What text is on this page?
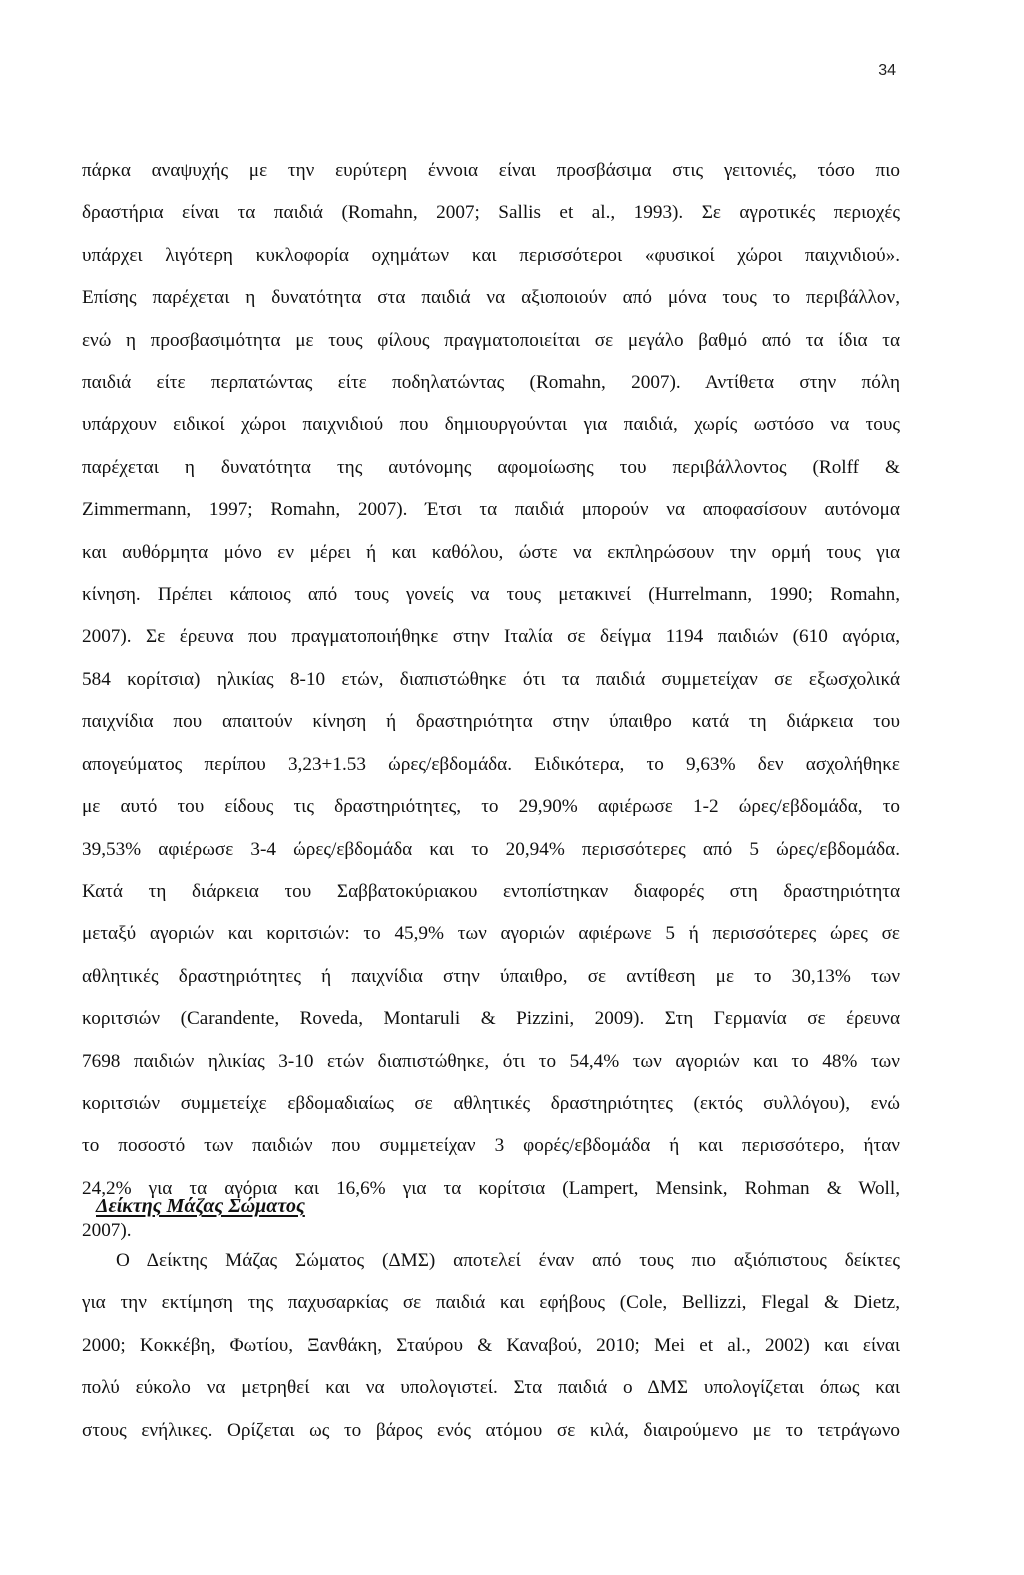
34
πάρκα αναψυχής με την ευρύτερη έννοια είναι προσβάσιμα στις γειτονιές, τόσο πιο
δραστήρια είναι τα παιδιά (Romahn, 2007; Sallis et al., 1993). Σε αγροτικές περιοχές
υπάρχει λιγότερη κυκλοφορία οχημάτων και περισσότεροι «φυσικοί χώροι παιχνιδιού».
Επίσης παρέχεται η δυνατότητα στα παιδιά να αξιοποιούν από μόνα τους το περιβάλλον,
ενώ η προσβασιμότητα με τους φίλους πραγματοποιείται σε μεγάλο βαθμό από τα ίδια τα
παιδιά είτε περπατώντας είτε ποδηλατώντας (Romahn, 2007). Αντίθετα στην πόλη
υπάρχουν ειδικοί χώροι παιχνιδιού που δημιουργούνται για παιδιά, χωρίς ωστόσο να τους
παρέχεται η δυνατότητα της αυτόνομης αφομοίωσης του περιβάλλοντος (Rolff &
Zimmermann, 1997; Romahn, 2007). Έτσι τα παιδιά μπορούν να αποφασίσουν αυτόνομα
και αυθόρμητα μόνο εν μέρει ή και καθόλου, ώστε να εκπληρώσουν την ορμή τους για
κίνηση. Πρέπει κάποιος από τους γονείς να τους μετακινεί (Hurrelmann, 1990; Romahn,
2007). Σε έρευνα που πραγματοποιήθηκε στην Ιταλία σε δείγμα 1194 παιδιών (610 αγόρια,
584 κορίτσια) ηλικίας 8-10 ετών, διαπιστώθηκε ότι τα παιδιά συμμετείχαν σε εξωσχολικά
παιχνίδια που απαιτούν κίνηση ή δραστηριότητα στην ύπαιθρο κατά τη διάρκεια του
απογεύματος περίπου 3,23+1.53 ώρες/εβδομάδα. Ειδικότερα, το 9,63% δεν ασχολήθηκε
με αυτό του είδους τις δραστηριότητες, το 29,90% αφιέρωσε 1-2 ώρες/εβδομάδα, το
39,53% αφιέρωσε 3-4 ώρες/εβδομάδα και το 20,94% περισσότερες από 5 ώρες/εβδομάδα.
Κατά τη διάρκεια του Σαββατοκύριακου εντοπίστηκαν διαφορές στη δραστηριότητα
μεταξύ αγοριών και κοριτσιών: το 45,9% των αγοριών αφιέρωνε 5 ή περισσότερες ώρες σε
αθλητικές δραστηριότητες ή παιχνίδια στην ύπαιθρο, σε αντίθεση με το 30,13% των
κοριτσιών (Carandente, Roveda, Montaruli & Pizzini, 2009). Στη Γερμανία σε έρευνα
7698 παιδιών ηλικίας 3-10 ετών διαπιστώθηκε, ότι το 54,4% των αγοριών και το 48% των
κοριτσιών συμμετείχε εβδομαδιαίως σε αθλητικές δραστηριότητες (εκτός συλλόγου), ενώ
το ποσοστό των παιδιών που συμμετείχαν 3 φορές/εβδομάδα ή και περισσότερο, ήταν
24,2% για τα αγόρια και 16,6% για τα κορίτσια (Lampert, Mensink, Rohman & Woll,
2007).
Δείκτης Μάζας Σώματος
Ο Δείκτης Μάζας Σώματος (ΔΜΣ) αποτελεί έναν από τους πιο αξιόπιστους δείκτες
για την εκτίμηση της παχυσαρκίας σε παιδιά και εφήβους (Cole, Bellizzi, Flegal & Dietz,
2000; Κοκκέβη, Φωτίου, Ξανθάκη, Σταύρου & Καναβού, 2010; Mei et al., 2002) και είναι
πολύ εύκολο να μετρηθεί και να υπολογιστεί. Στα παιδιά ο ΔΜΣ υπολογίζεται όπως και
στους ενήλικες. Ορίζεται ως το βάρος ενός ατόμου σε κιλά, διαιρούμενο με το τετράγωνο
